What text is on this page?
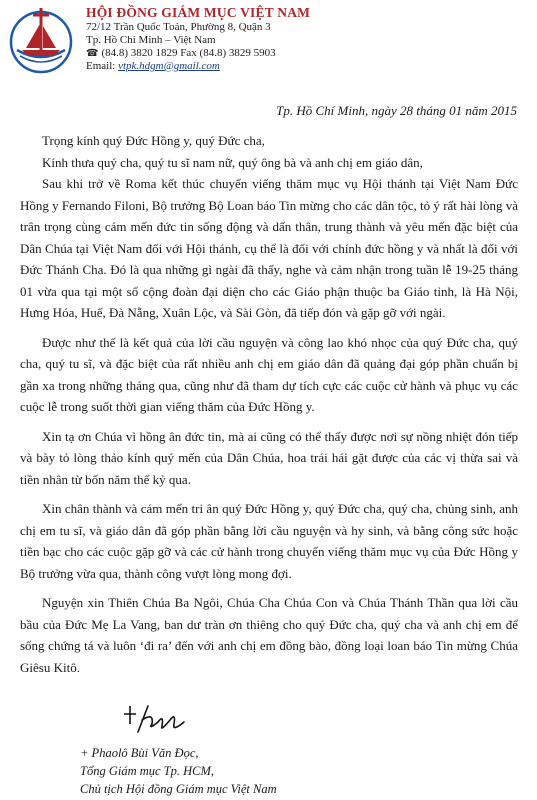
HỘI ĐỒNG GIÁM MỤC VIỆT NAM
72/12 Trần Quốc Toản, Phường 8, Quận 3
Tp. Hồ Chí Minh – Việt Nam
☎ (84.8) 3820 1829 Fax (84.8) 3829 5903
Email: vtpk.hdgm@gmail.com
Tp. Hồ Chí Minh, ngày 28 tháng 01 năm 2015

Trọng kính quý Đức Hồng y, quý Đức cha,

Kính thưa quý cha, quý tu sĩ nam nữ, quý ông bà và anh chị em giáo dân,

Sau khi trở về Roma kết thúc chuyến viếng thăm mục vụ Hội thánh tại Việt Nam Đức Hồng y Fernando Filoni, Bộ trưởng Bộ Loan báo Tin mừng cho các dân tộc, tỏ ý rất hài lòng và trân trọng cùng cám mến đức tin sống động và dấn thân, trung thành và yêu mến đặc biệt của Dân Chúa tại Việt Nam đối với Hội thánh, cụ thể là đối với chính đức hồng y và nhất là đối với Đức Thánh Cha. Đó là qua những gì ngài đã thấy, nghe và cảm nhận trong tuần lễ 19-25 tháng 01 vừa qua tại một số cộng đoàn đại diện cho các Giáo phận thuộc ba Giáo tỉnh, là Hà Nội, Hưng Hóa, Huế, Đà Nẵng, Xuân Lộc, và Sài Gòn, đã tiếp đón và gặp gỡ với ngài.

Được như thế là kết quả của lời cầu nguyện và công lao khó nhọc của quý Đức cha, quý cha, quý tu sĩ, và đặc biệt của rất nhiều anh chị em giáo dân đã quảng đại góp phần chuẩn bị gần xa trong những tháng qua, cũng như đã tham dự tích cực các cuộc cử hành và phục vụ các cuộc lễ trong suốt thời gian viếng thăm của Đức Hồng y.

Xin tạ ơn Chúa vì hồng ân đức tin, mà ai cũng có thể thấy được nơi sự nồng nhiệt đón tiếp và bày tỏ lòng thảo kính quý mến của Dân Chúa, hoa trái hái gặt được của các vị thừa sai và tiền nhân từ bốn năm thế kỷ qua.

Xin chân thành và cám mến tri ân quý Đức Hồng y, quý Đức cha, quý cha, chủng sinh, anh chị em tu sĩ, và giáo dân đã góp phần bằng lời cầu nguyện và hy sinh, và bằng công sức hoặc tiền bạc cho các cuộc gặp gỡ và các cử hành trong chuyến viếng thăm mục vụ của Đức Hồng y Bộ trưởng vừa qua, thành công vượt lòng mong đợi.

Nguyện xin Thiên Chúa Ba Ngôi, Chúa Cha Chúa Con và Chúa Thánh Thần qua lời cầu bầu của Đức Mẹ La Vang, ban dư tràn ơn thiêng cho quý Đức cha, quý cha và anh chị em để sống chứng tá và luôn ‘đi ra’ đến với anh chị em đồng bào, đồng loại loan báo Tin mừng Chúa Giêsu Kitô.

+ Phaolô Bùi Văn Đọc,
Tổng Giám mục Tp. HCM,
Chủ tịch Hội đồng Giám mục Việt Nam
